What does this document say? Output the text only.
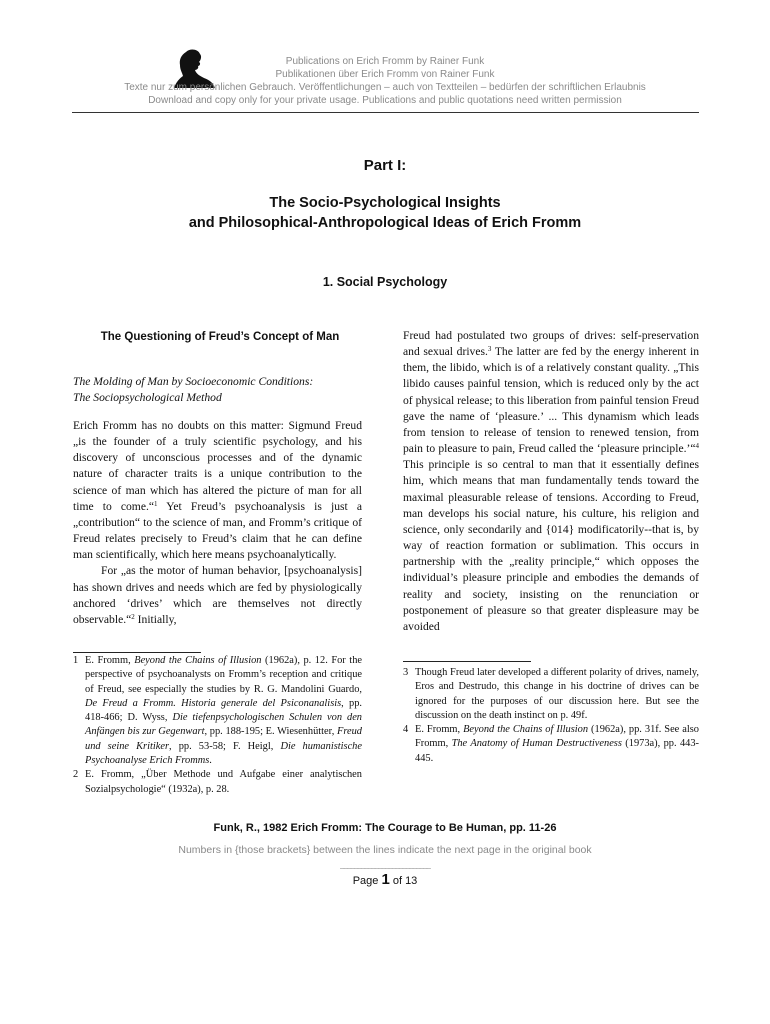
Publications on Erich Fromm by Rainer Funk
Publikationen über Erich Fromm von Rainer Funk
Texte nur zum persönlichen Gebrauch. Veröffentlichungen – auch von Textteilen – bedürfen der schriftlichen Erlaubnis
Download and copy only for your private usage. Publications and public quotations need written permission
Part I:
The Socio-Psychological Insights
and Philosophical-Anthropological Ideas of Erich Fromm
1. Social Psychology
The Questioning of Freud’s Concept of Man
The Molding of Man by Socioeconomic Conditions:
The Sociopsychological Method

Erich Fromm has no doubts on this matter: Sigmund Freud „is the founder of a truly scientific psychology, and his discovery of unconscious processes and of the dynamic nature of character traits is a unique contribution to the science of man which has altered the picture of man for all time to come.“$^1$ Yet Freud’s psychoanalysis is just a „contribution“ to the science of man, and Fromm’s critique of Freud relates precisely to Freud’s claim that he can define man scientifically, which here means psychoanalytically.

For „as the motor of human behavior, [psychoanalysis] has shown drives and needs which are fed by physiologically anchored ‘drives’ which are themselves not directly observable.“$^2$ Initially,

1 E. Fromm, Beyond the Chains of Illusion (1962a), p. 12. For the perspective of psychoanalysts on Fromm’s reception and critique of Freud, see especially the studies by R. G. Mandolini Guardo, De Freud a Fromm. Historia generale del Psiconanalisis, pp. 418-466; D. Wyss, Die tiefenpsychologischen Schulen von den Anfängen bis zur Gegenwart, pp. 188-195; E. Wiesenhütter, Freud und seine Kritiker, pp. 53-58; F. Heigl, Die humanistische Psychoanalyse Erich Fromms.
2 E. Fromm, „Über Methode und Aufgabe einer analytischen Sozialpsychologie“ (1932a), p. 28.

Freud had postulated two groups of drives: self-preservation and sexual drives.$^3$ The latter are fed by the energy inherent in them, the libido, which is of a relatively constant quality. „This libido causes painful tension, which is reduced only by the act of physical release; to this liberation from painful tension Freud gave the name of ‘pleasure.’ ... This dynamism which leads from tension to release of tension to renewed tension, from pain to pleasure to pain, Freud called the ‘pleasure principle.’“$^4$ This principle is so central to man that it essentially defines him, which means that man fundamentally tends toward the maximal pleasurable release of tensions. According to Freud, man develops his social nature, his culture, his religion and science, only secondarily and {014} modificatorily--that is, by way of reaction formation or sublimation. This occurs in partnership with the „reality principle,“ which opposes the individual’s pleasure principle and embodies the demands of reality and society, insisting on the renunciation or postponement of pleasure so that greater displeasure may be avoided

3 Though Freud later developed a different polarity of drives, namely, Eros and Destrudo, this change in his doctrine of drives can be ignored for the purposes of our discussion here. But see the discussion on the death instinct on p. 49f.
4 E. Fromm, Beyond the Chains of Illusion (1962a), pp. 31f. See also Fromm, The Anatomy of Human Destructiveness (1973a), pp. 443-445.
Funk, R., 1982 Erich Fromm: The Courage to Be Human, pp. 11-26
Numbers in {those brackets} between the lines indicate the next page in the original book
__________________________
Page 1 of 13
